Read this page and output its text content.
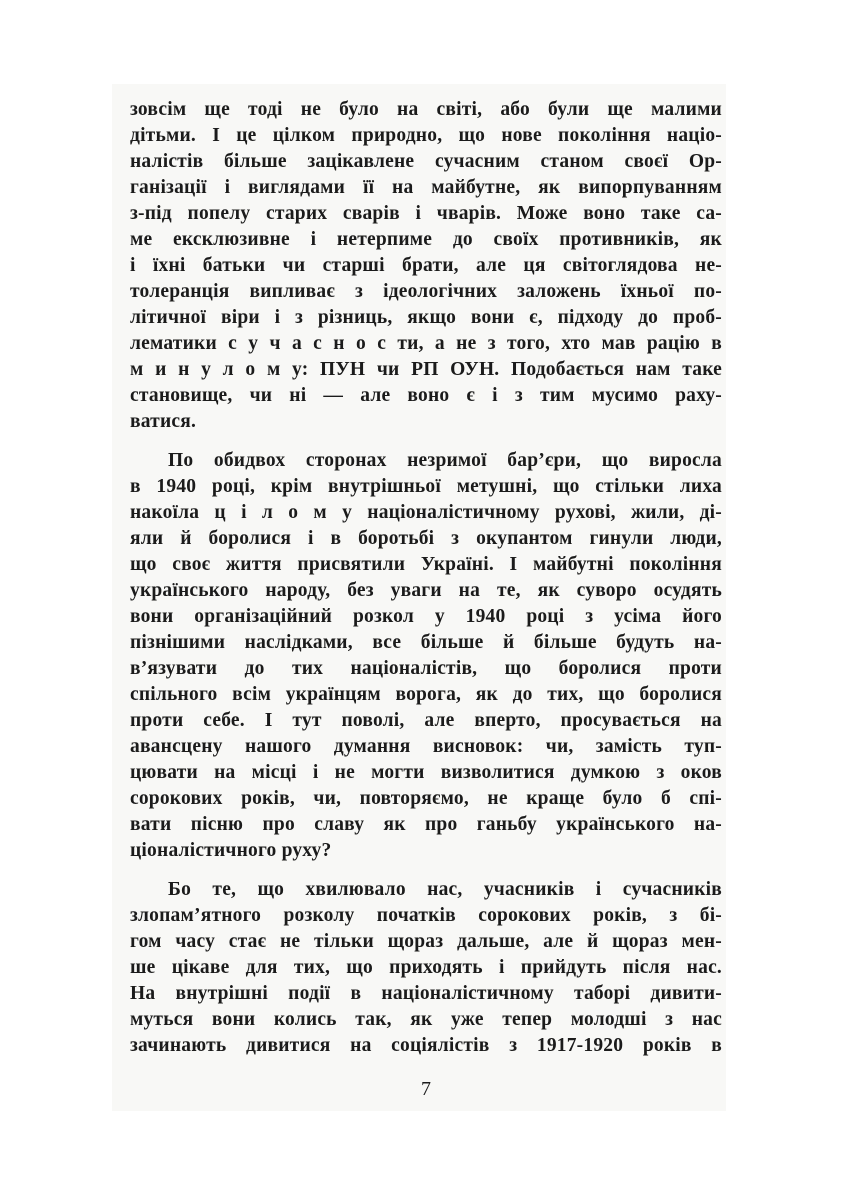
зовсім ще тоді не було на світі, або були ще малими
дітьми. І це цілком природно, що нове покоління націо-
налістів більше зацікавлене сучасним станом своєї Ор-
ганізації і виглядами її на майбутне, як випорпуванням
з-під попелу старих сварів і чварів. Може воно таке са-
ме ексклюзивне і нетерпиме до своїх противників, як
і їхні батьки чи старші брати, але ця світоглядова не-
толеранція випливає з ідеологічних заложень їхньої по-
літичної віри і з різниць, якщо вони є, підходу до проб-
лематики с у ч а с н о с ти, а не з того, хто мав рацію в
м и н у л о м у: ПУН чи РП ОУН. Подобається нам таке
становище, чи ні — але воно є і з тим мусимо раху-
ватися.
По обидвох сторонах незримої бар’єри, що виросла
в 1940 році, крім внутрішньої метушні, що стільки лиха
накоїла ц і л о м у націоналістичному рухові, жили, ді-
яли й боролися і в боротьбі з окупантом гинули люди,
що своє життя присвятили Україні. І майбутні покоління
українського народу, без уваги на те, як суворо осудять
вони організаційний розкол у 1940 році з усіма його
пізнішими наслідками, все більше й більше будуть на-
в’язувати до тих націоналістів, що боролися проти
спільного всім українцям ворога, як до тих, що боролися
проти себе. І тут поволі, але вперто, просувається на
авансцену нашого думання висновок: чи, замість туп-
цювати на місці і не могти визволитися думкою з оков
сорокових років, чи, повторяємо, не краще було б спі-
вати пісню про славу як про ганьбу українського на-
ціоналістичного руху?
Бо те, що хвилювало нас, учасників і сучасників
злопам’ятного розколу початків сорокових років, з бі-
гом часу стає не тільки щораз дальше, але й щораз мен-
ше цікаве для тих, що приходять і прийдуть після нас.
На внутрішні події в націоналістичному таборі дивити-
муться вони колись так, як уже тепер молодші з нас
зачинають дивитися на соціялістів з 1917-1920 років в
7
